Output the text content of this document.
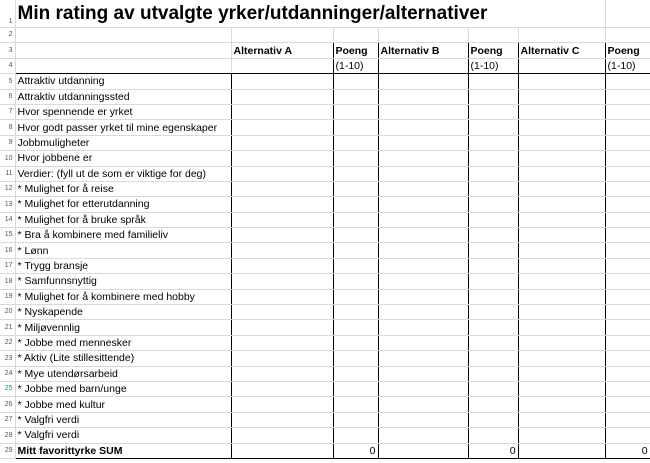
1	Min rating av utvalgte yrker/utdanninger/alternativer							
2								
3		Alternativ A	Poeng	Alternativ B	Poeng	Alternativ C	Poeng	
4			(1-10)		(1-10)		(1-10)	
5	Attraktiv utdanning							
6	Attraktiv utdanningssted							
7	Hvor spennende er yrket							
8	Hvor godt passer yrket til mine egenskaper							
9	Jobbmuligheter							
10	Hvor jobbene er							
11	Verdier: (fyll ut de som er viktige for deg)							
12	* Mulighet for å reise							
13	* Mulighet for etterutdanning							
14	* Mulighet for å bruke språk							
15	* Bra å kombinere med familieliv							
16	* Lønn							
17	* Trygg bransje							
18	* Samfunnsnyttig							
19	* Mulighet for å kombinere med hobby							
20	* Nyskapende							
21	* Miljøvennlig							
22	* Jobbe med mennesker							
23	* Aktiv (Lite stillesittende)							
24	* Mye utendørsarbeid							
25	* Jobbe med barn/unge							
26	* Jobbe med kultur							
27	* Valgfri verdi							
28	* Valgfri verdi							
29	Mitt favorittyrke SUM		0		0		0	
